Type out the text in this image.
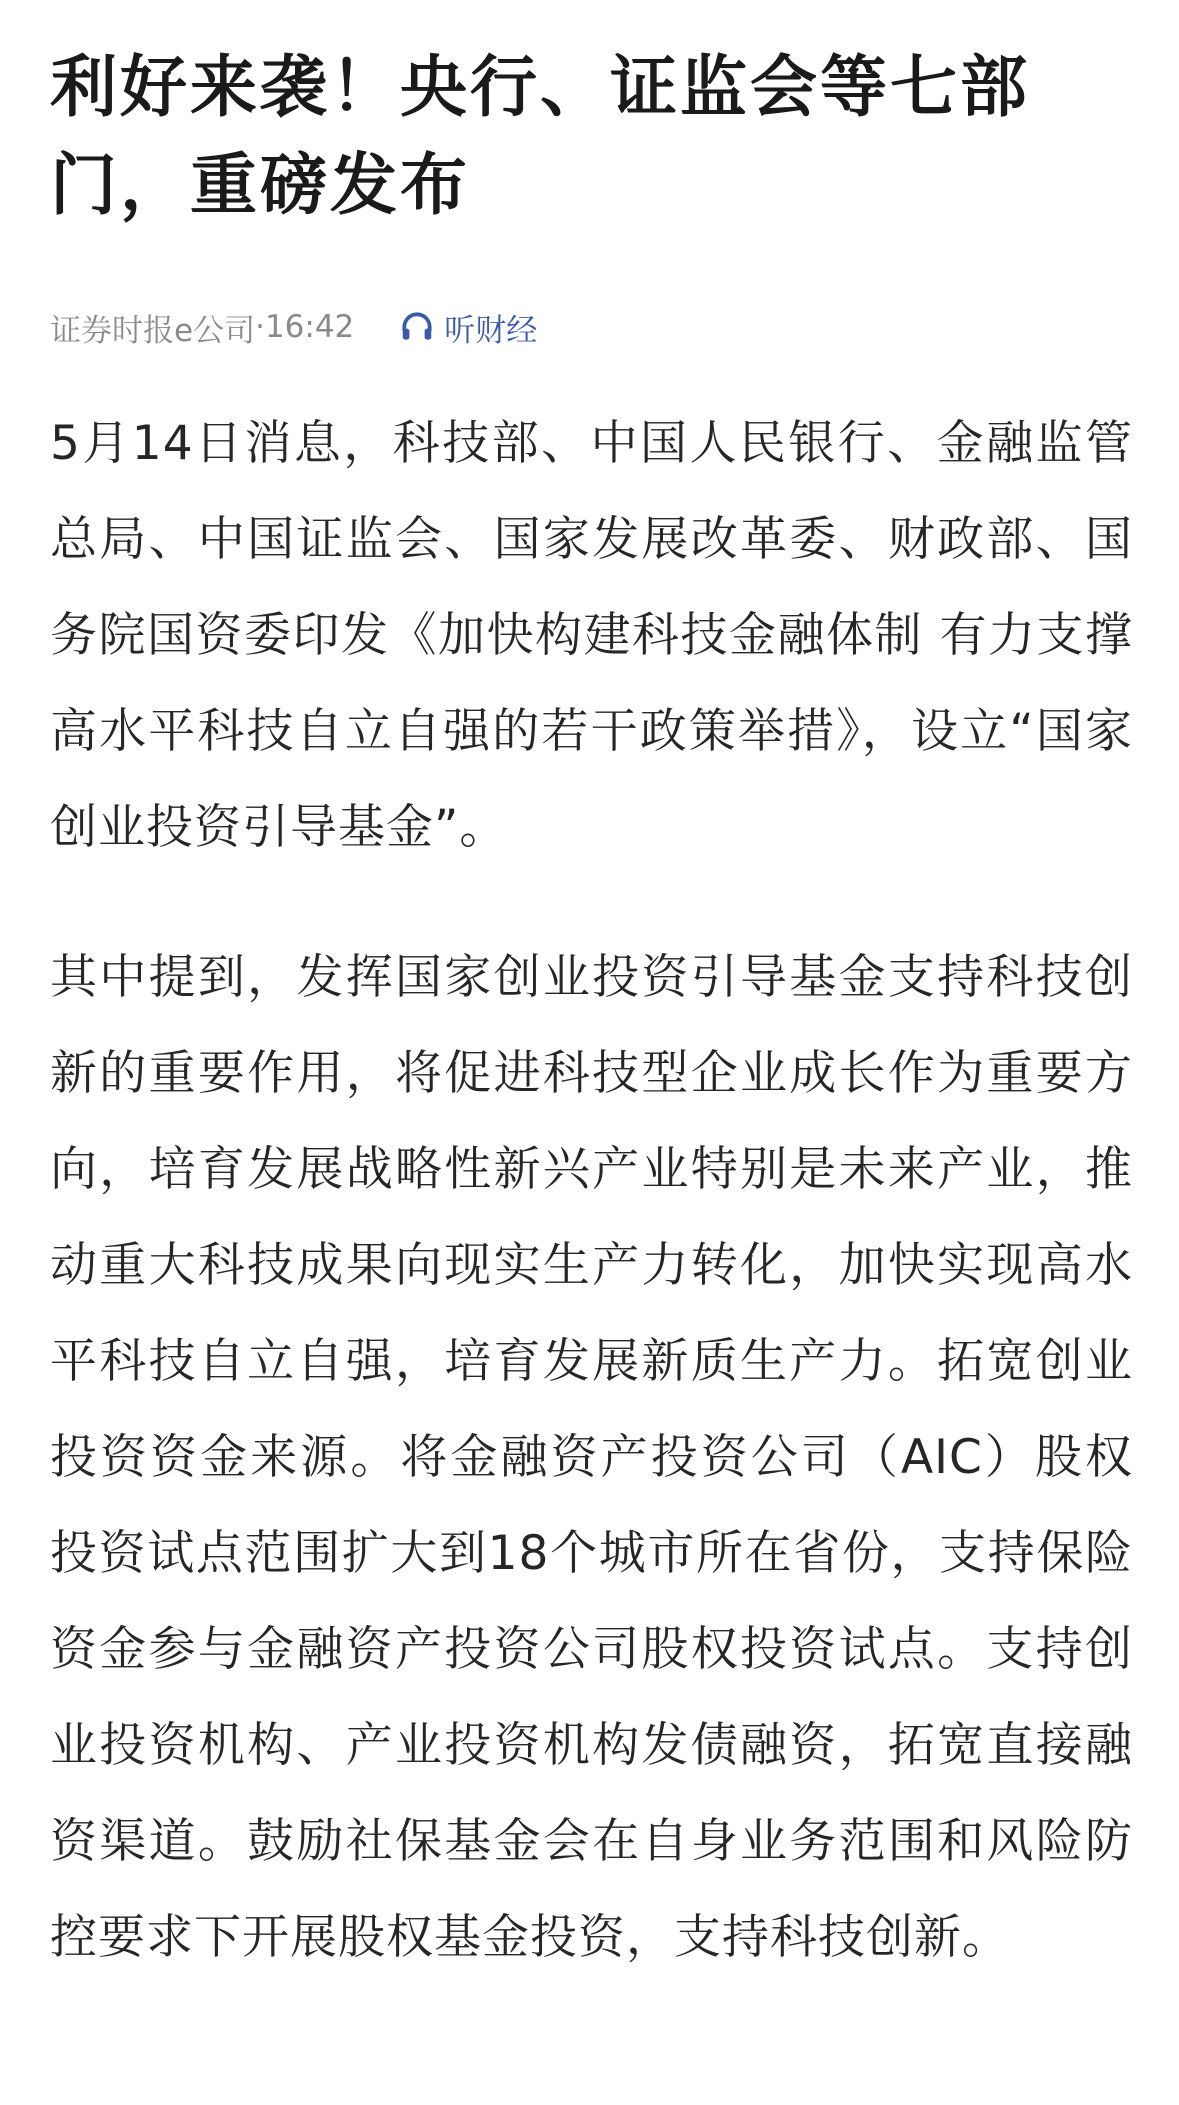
利好来袭！央行、证监会等七部门，重磅发布
证券时报e公司 · 16:42	听财经

5月14日消息，科技部、中国人民银行、金融监管总局、中国证监会、国家发展改革委、财政部、国务院国资委印发《加快构建科技金融体制 有力支撑高水平科技自立自强的若干政策举措》，设立“国家创业投资引导基金”。

其中提到，发挥国家创业投资引导基金支持科技创新的重要作用，将促进科技型企业成长作为重要方向，培育发展战略性新兴产业特别是未来产业，推动重大科技成果向现实生产力转化，加快实现高水平科技自立自强，培育发展新质生产力。拓宽创业投资资金来源。将金融资产投资公司（AIC）股权投资试点范围扩大到18个城市所在省份，支持保险资金参与金融资产投资公司股权投资试点。支持创业投资机构、产业投资机构发债融资，拓宽直接融资渠道。鼓励社保基金会在自身业务范围和风险防控要求下开展股权基金投资，支持科技创新。
